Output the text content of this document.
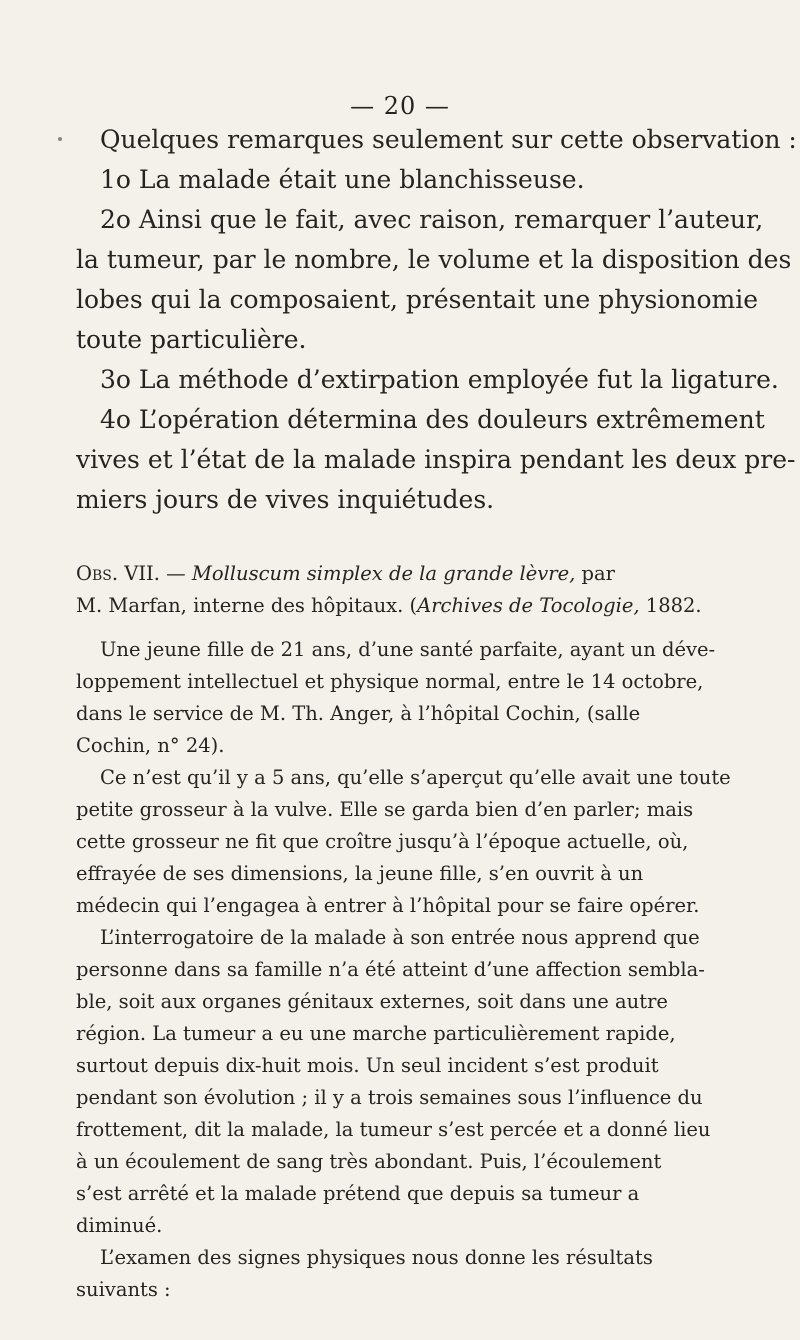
— 20 —
Quelques remarques seulement sur cette observation :
1o La malade était une blanchisseuse.
2o Ainsi que le fait, avec raison, remarquer l’auteur,
la tumeur, par le nombre, le volume et la disposition des
lobes qui la composaient, présentait une physionomie
toute particulière.
3o La méthode d’extirpation employée fut la ligature.
4o L’opération détermina des douleurs extrêmement
vives et l’état de la malade inspira pendant les deux pre-
miers jours de vives inquiétudes.
Obs. VII. — Molluscum simplex de la grande lèvre, par
M. Marfan, interne des hôpitaux. (Archives de Tocologie, 1882.
Une jeune fille de 21 ans, d’une santé parfaite, ayant un déve-
loppement intellectuel et physique normal, entre le 14 octobre,
dans le service de M. Th. Anger, à l’hôpital Cochin, (salle
Cochin, n° 24).
Ce n’est qu’il y a 5 ans, qu’elle s’aperçut qu’elle avait une toute
petite grosseur à la vulve. Elle se garda bien d’en parler; mais
cette grosseur ne fit que croître jusqu’à l’époque actuelle, où,
effrayée de ses dimensions, la jeune fille, s’en ouvrit à un
médecin qui l’engagea à entrer à l’hôpital pour se faire opérer.
L’interrogatoire de la malade à son entrée nous apprend que
personne dans sa famille n’a été atteint d’une affection sembla-
ble, soit aux organes génitaux externes, soit dans une autre
région. La tumeur a eu une marche particulièrement rapide,
surtout depuis dix-huit mois. Un seul incident s’est produit
pendant son évolution ; il y a trois semaines sous l’influence du
frottement, dit la malade, la tumeur s’est percée et a donné lieu
à un écoulement de sang très abondant. Puis, l’écoulement
s’est arrêté et la malade prétend que depuis sa tumeur a
diminué.
L’examen des signes physiques nous donne les résultats
suivants :
